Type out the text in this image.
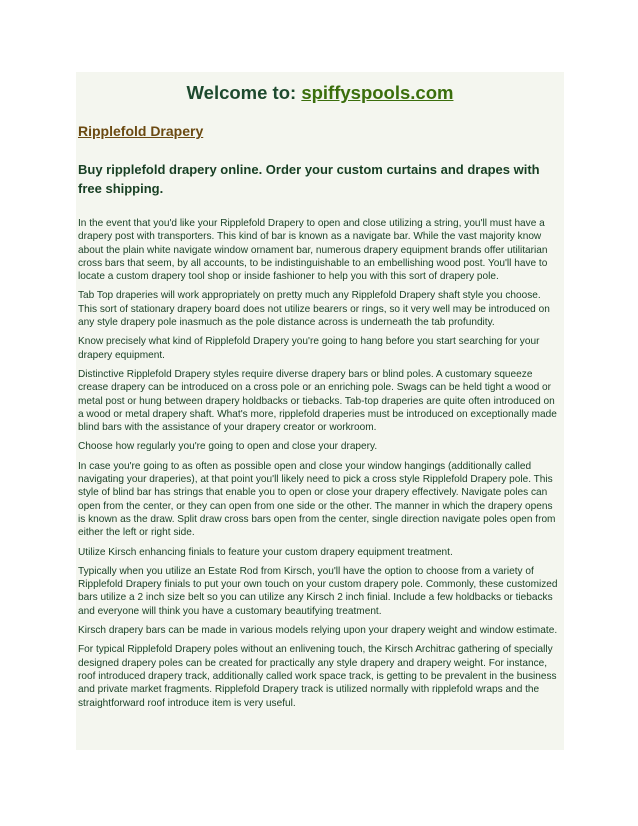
Welcome to: spiffyspools.com
Ripplefold Drapery
Buy ripplefold drapery online. Order your custom curtains and drapes with free shipping.

In the event that you'd like your Ripplefold Drapery to open and close utilizing a string, you'll must have a drapery post with transporters. This kind of bar is known as a navigate bar. While the vast majority know about the plain white navigate window ornament bar, numerous drapery equipment brands offer utilitarian cross bars that seem, by all accounts, to be indistinguishable to an embellishing wood post. You'll have to locate a custom drapery tool shop or inside fashioner to help you with this sort of drapery pole.

Tab Top draperies will work appropriately on pretty much any Ripplefold Drapery shaft style you choose. This sort of stationary drapery board does not utilize bearers or rings, so it very well may be introduced on any style drapery pole inasmuch as the pole distance across is underneath the tab profundity.

Know precisely what kind of Ripplefold Drapery you're going to hang before you start searching for your drapery equipment.

Distinctive Ripplefold Drapery styles require diverse drapery bars or blind poles. A customary squeeze crease drapery can be introduced on a cross pole or an enriching pole. Swags can be held tight a wood or metal post or hung between drapery holdbacks or tiebacks. Tab-top draperies are quite often introduced on a wood or metal drapery shaft. What's more, ripplefold draperies must be introduced on exceptionally made blind bars with the assistance of your drapery creator or workroom.

Choose how regularly you're going to open and close your drapery.

In case you're going to as often as possible open and close your window hangings (additionally called navigating your draperies), at that point you'll likely need to pick a cross style Ripplefold Drapery pole. This style of blind bar has strings that enable you to open or close your drapery effectively. Navigate poles can open from the center, or they can open from one side or the other. The manner in which the drapery opens is known as the draw. Split draw cross bars open from the center, single direction navigate poles open from either the left or right side.

Utilize Kirsch enhancing finials to feature your custom drapery equipment treatment.

Typically when you utilize an Estate Rod from Kirsch, you'll have the option to choose from a variety of Ripplefold Drapery finials to put your own touch on your custom drapery pole. Commonly, these customized bars utilize a 2 inch size belt so you can utilize any Kirsch 2 inch finial. Include a few holdbacks or tiebacks and everyone will think you have a customary beautifying treatment.

Kirsch drapery bars can be made in various models relying upon your drapery weight and window estimate.

For typical Ripplefold Drapery poles without an enlivening touch, the Kirsch Architrac gathering of specially designed drapery poles can be created for practically any style drapery and drapery weight. For instance, roof introduced drapery track, additionally called work space track, is getting to be prevalent in the business and private market fragments. Ripplefold Drapery track is utilized normally with ripplefold wraps and the straightforward roof introduce item is very useful.
